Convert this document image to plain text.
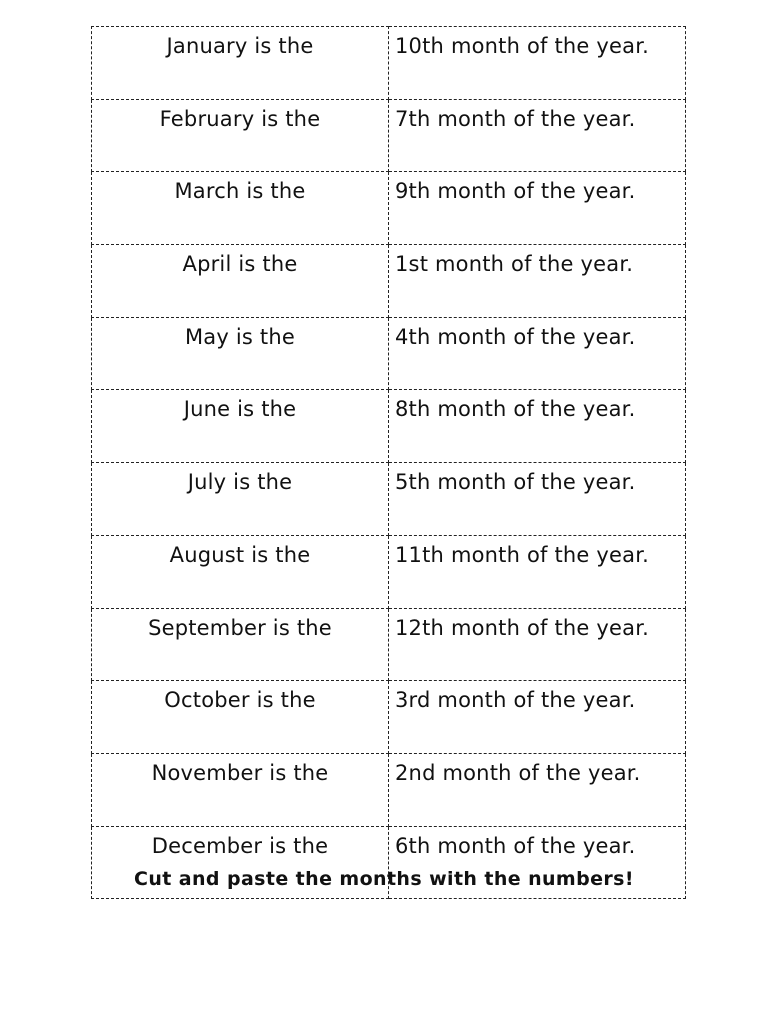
January is the	10th month of the year.
February is the	7th month of the year.
March is the	9th month of the year.
April is the	1st month of the year.
May is the	4th month of the year.
June is the	8th month of the year.
July is the	5th month of the year.
August is the	11th month of the year.
September is the	12th month of the year.
October is the	3rd month of the year.
November is the	2nd month of the year.
December is the	6th month of the year.
Cut and paste the months with the numbers!
